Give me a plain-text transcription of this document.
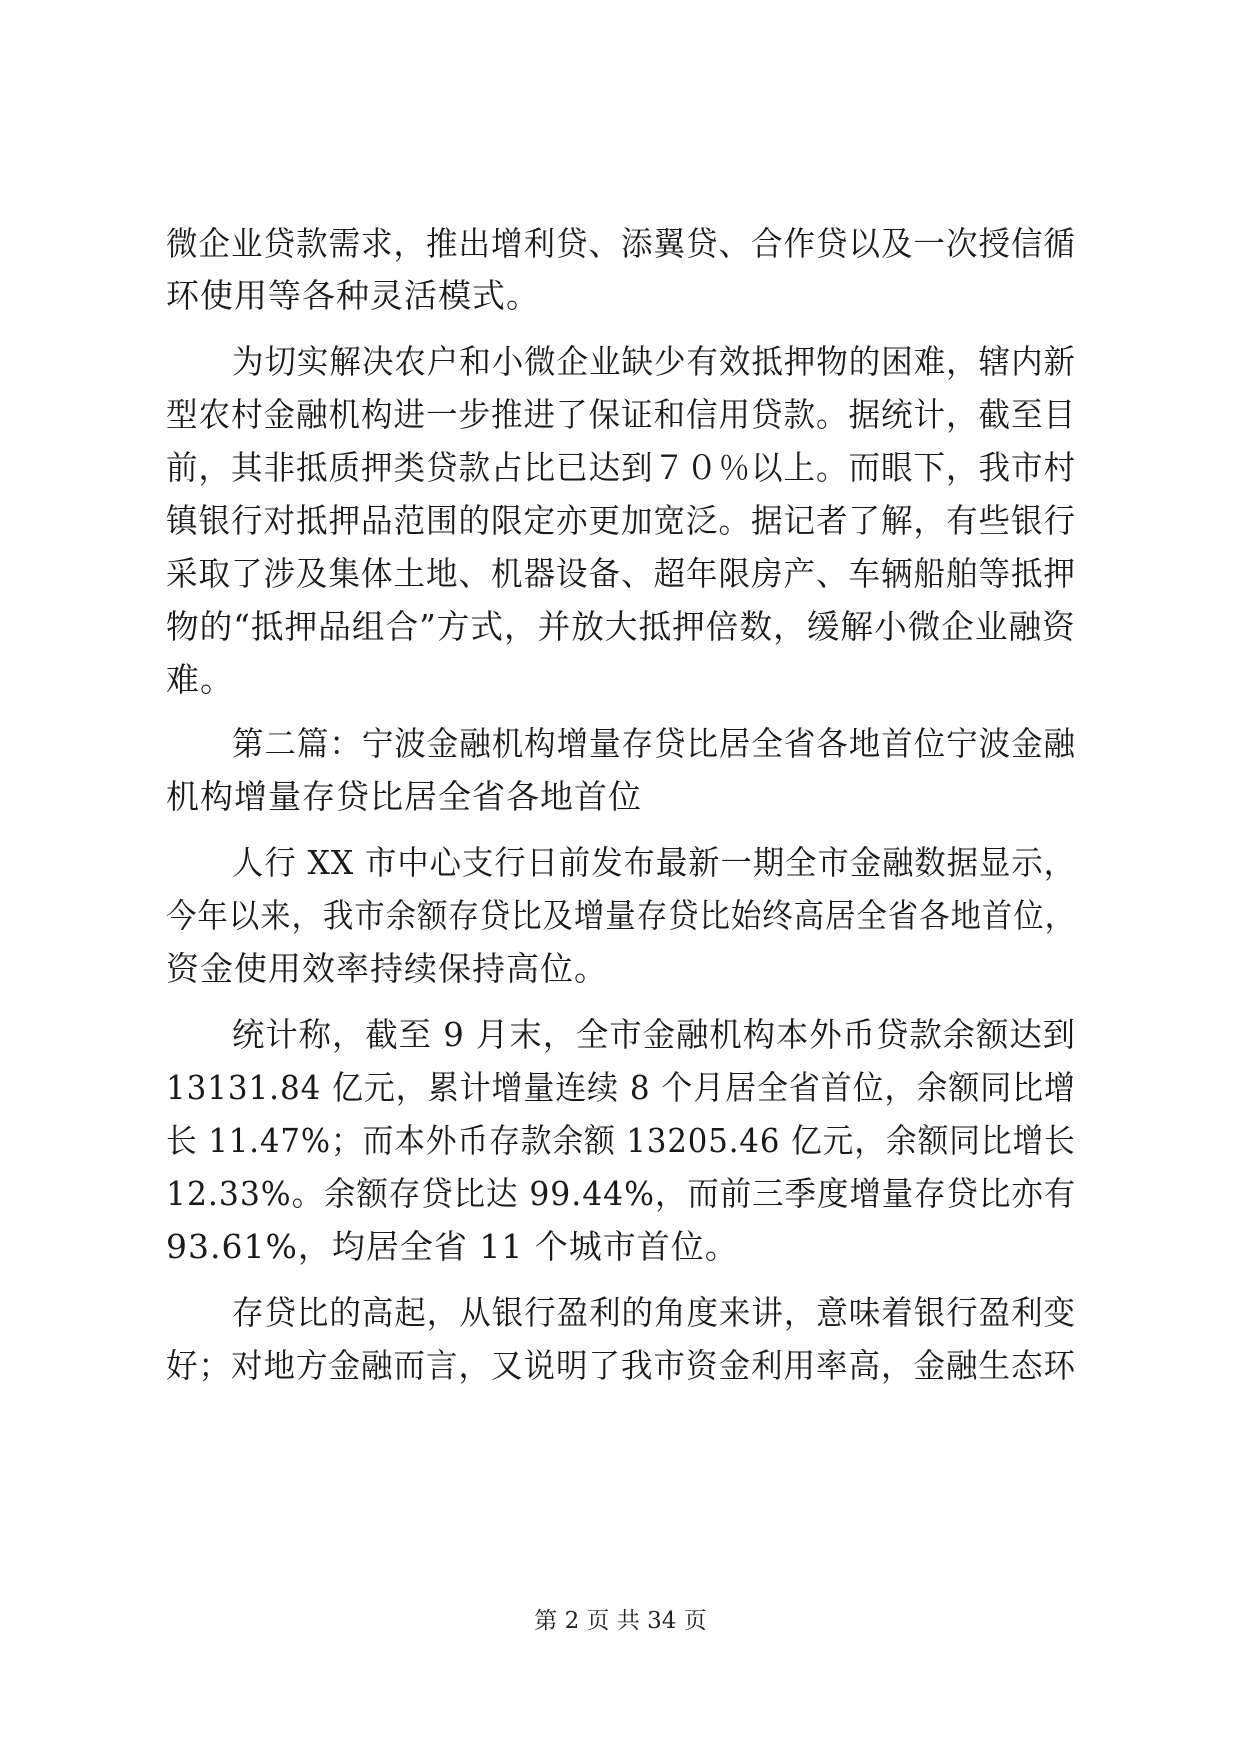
微企业贷款需求，推出增利贷、添翼贷、合作贷以及一次授信循
环使用等各种灵活模式。
为切实解决农户和小微企业缺少有效抵押物的困难，辖内新
型农村金融机构进一步推进了保证和信用贷款。据统计，截至目
前，其非抵质押类贷款占比已达到７０％以上。而眼下，我市村
镇银行对抵押品范围的限定亦更加宽泛。据记者了解，有些银行
采取了涉及集体土地、机器设备、超年限房产、车辆船舶等抵押
物的“抵押品组合”方式，并放大抵押倍数，缓解小微企业融资
难。
第二篇：宁波金融机构增量存贷比居全省各地首位宁波金融
机构增量存贷比居全省各地首位
人行 XX 市中心支行日前发布最新一期全市金融数据显示，
今年以来，我市余额存贷比及增量存贷比始终高居全省各地首位，
资金使用效率持续保持高位。
统计称，截至 9 月末，全市金融机构本外币贷款余额达到
13131.84 亿元，累计增量连续 8 个月居全省首位，余额同比增
长 11.47%；而本外币存款余额 13205.46 亿元，余额同比增长
12.33%。余额存贷比达 99.44%，而前三季度增量存贷比亦有
93.61%，均居全省 11 个城市首位。
存贷比的高起，从银行盈利的角度来讲，意味着银行盈利变
好；对地方金融而言，又说明了我市资金利用率高，金融生态环
第 2 页 共 34 页
